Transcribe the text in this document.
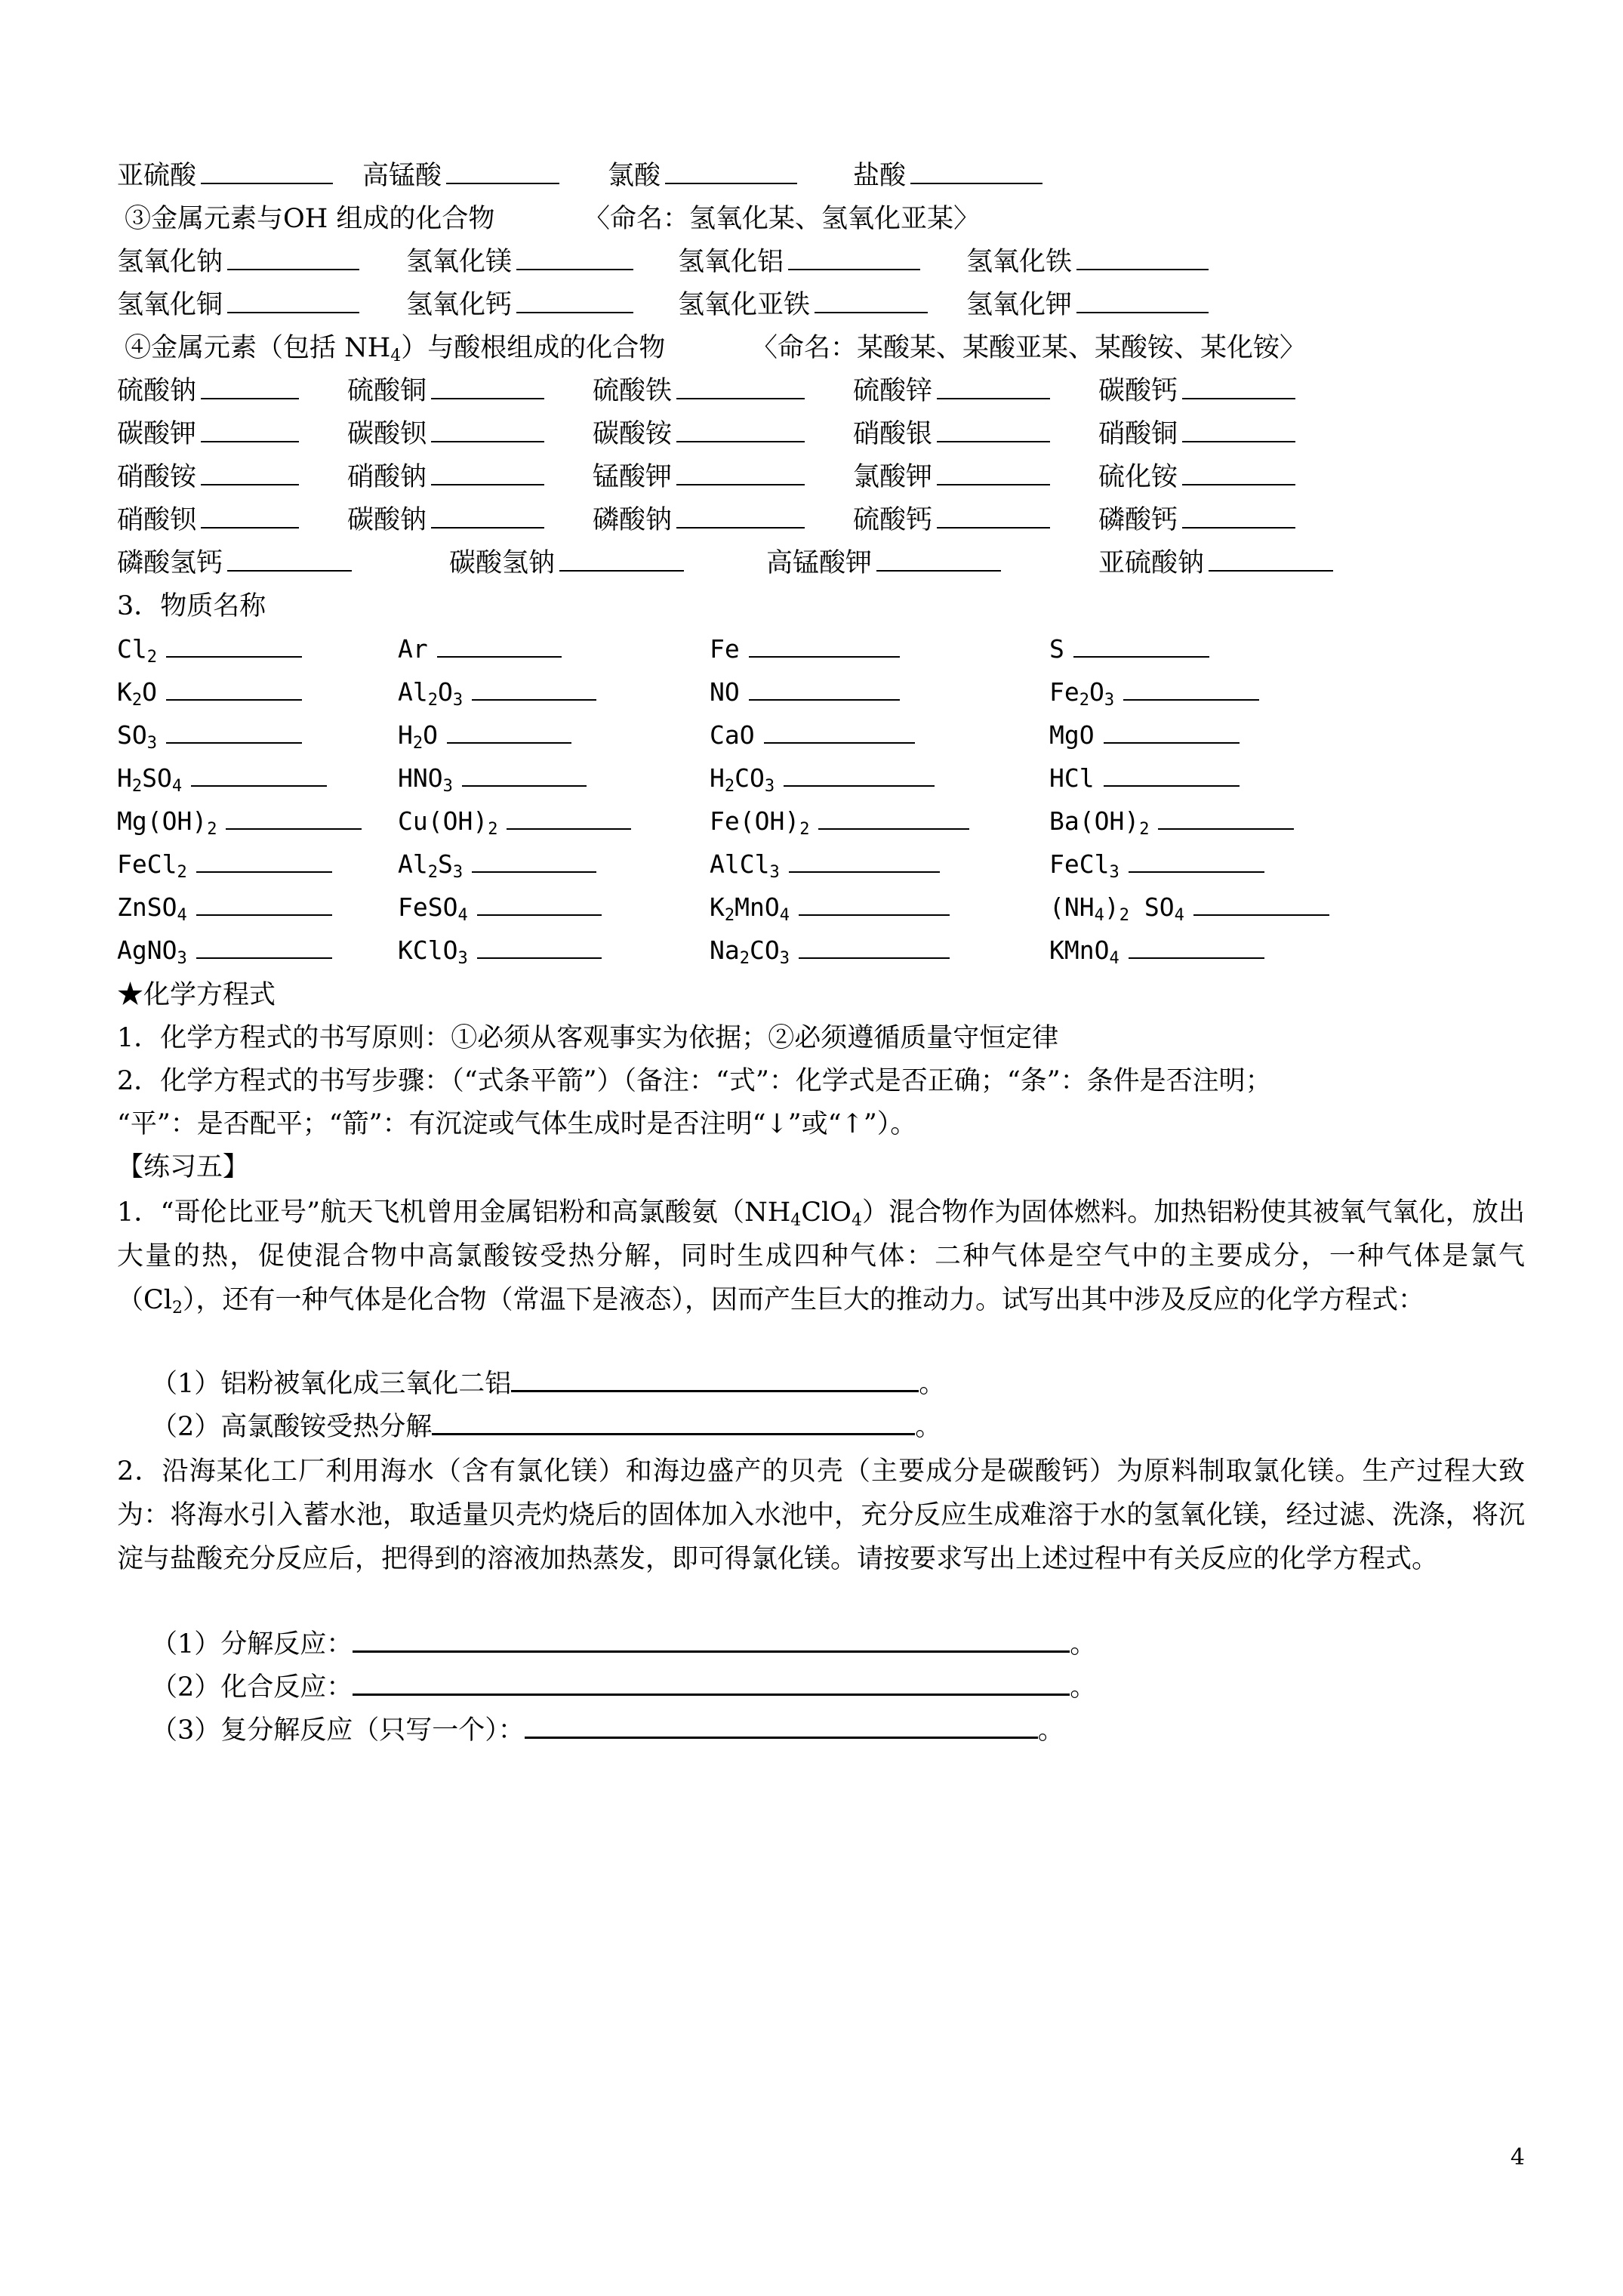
亚硫酸	高锰酸	氯酸	盐酸
③金属元素与OH 组成的化合物	〈命名：氢氧化某、氢氧化亚某〉
氢氧化钠	氢氧化镁	氢氧化铝	氢氧化铁
氢氧化铜	氢氧化钙	氢氧化亚铁	氢氧化钾
④金属元素（包括 $NH_4$）与酸根组成的化合物	〈命名：某酸某、某酸亚某、某酸铵、某化铵〉
硫酸钠	硫酸铜	硫酸铁	硫酸锌	碳酸钙
碳酸钾	碳酸钡	碳酸铵	硝酸银	硝酸铜
硝酸铵	硝酸钠	锰酸钾	氯酸钾	硫化铵
硝酸钡	碳酸钠	磷酸钠	硫酸钙	磷酸钙
磷酸氢钙	碳酸氢钠	高锰酸钾	亚硫酸钠
3．物质名称
$Cl_2$	Ar	Fe	S
$K_2O$	$Al_2O_3$	NO	$Fe_2O_3$
$SO_3$	$H_2O$	CaO	MgO
$H_2SO_4$	$HNO_3$	$H_2CO_3$	HCl
$Mg(OH)_2$	$Cu(OH)_2$	$Fe(OH)_2$	$Ba(OH)_2$
FeCl$_2$	$Al_2S_3$	AlCl$_3$	FeCl$_3$
ZnSO$_4$	FeSO$_4$	$K_2MnO_4$	$(NH_4)_2$ $SO_4$
AgNO$_3$	KClO$_3$	$Na_2CO_3$	KMnO$_4$
★化学方程式
1．化学方程式的书写原则：①必须从客观事实为依据；②必须遵循质量守恒定律
2．化学方程式的书写步骤：（“式条平箭”）（备注：“式”：化学式是否正确；“条”：条件是否注明；
“平”：是否配平；“箭”：有沉淀或气体生成时是否注明“↓”或“↑”）。
【练习五】
1．“哥伦比亚号”航天飞机曾用金属铝粉和高氯酸氨$(NH_4ClO_4)$混合物作为固体燃料。加热铝粉使其被氧气氧化，放出大量的热，促使混合物中高氯酸铵受热分解，同时生成四种气体：二种气体是空气中的主要成分，一种气体是氯气$(Cl_2)$，还有一种气体是化合物（常温下是液态），因而产生巨大的推动力。试写出其中涉及反应的化学方程式：
（1）铝粉被氧化成三氧化二铝	。
（2）高氯酸铵受热分解	。
2．沿海某化工厂利用海水（含有氯化镁）和海边盛产的贝壳（主要成分是碳酸钙）为原料制取氯化镁。生产过程大致为：将海水引入蓄水池，取适量贝壳灼烧后的固体加入水池中，充分反应生成难溶于水的氢氧化镁，经过滤、洗涤，将沉淀与盐酸充分反应后，把得到的溶液加热蒸发，即可得氯化镁。请按要求写出上述过程中有关反应的化学方程式。
（1）分解反应：	。
（2）化合反应：	。
（3）复分解反应（只写一个）：	。
4
